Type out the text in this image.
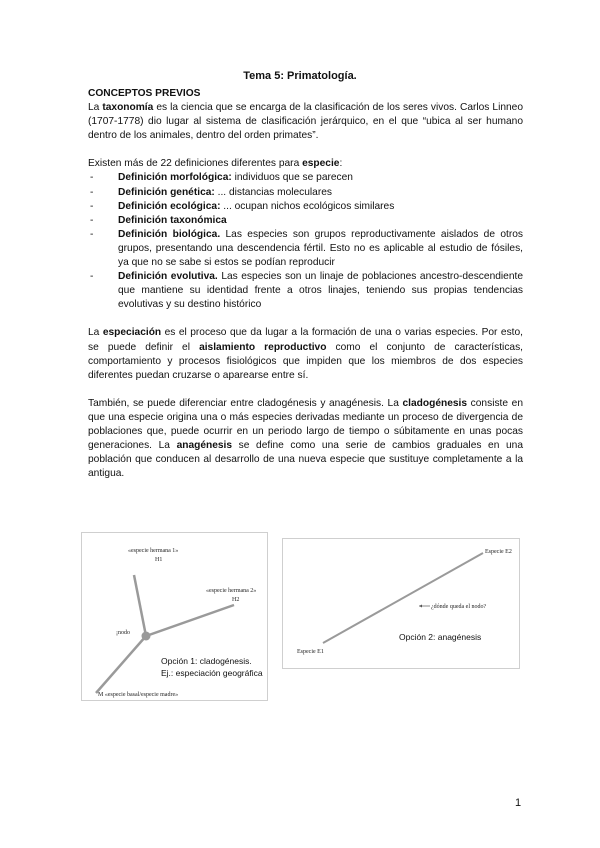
Tema 5: Primatología.
CONCEPTOS PREVIOS

La taxonomía es la ciencia que se encarga de la clasificación de los seres vivos. Carlos Linneo (1707-1778) dio lugar al sistema de clasificación jerárquico, en el que “ubica al ser humano dentro de los animales, dentro del orden primates”.

Existen más de 22 definiciones diferentes para especie:

- Definición morfológica: individuos que se parecen
- Definición genética: ... distancias moleculares
- Definición ecológica: ... ocupan nichos ecológicos similares
- Definición taxonómica
- Definición biológica. Las especies son grupos reproductivamente aislados de otros grupos, presentando una descendencia fértil. Esto no es aplicable al estudio de fósiles, ya que no se sabe si estos se podían reproducir
- Definición evolutiva. Las especies son un linaje de poblaciones ancestro-descendiente que mantiene su identidad frente a otros linajes, teniendo sus propias tendencias evolutivas y su destino histórico

La especiación es el proceso que da lugar a la formación de una o varias especies. Por esto, se puede definir el aislamiento reproductivo como el conjunto de características, comportamiento y procesos fisiológicos que impiden que los miembros de dos especies diferentes puedan cruzarse o aparearse entre sí.

También, se puede diferenciar entre cladogénesis y anagénesis. La cladogénesis consiste en que una especie origina una o más especies derivadas mediante un proceso de divergencia de poblaciones que, puede ocurrir en un periodo largo de tiempo o súbitamente en unas pocas generaciones. La anagénesis se define como una serie de cambios graduales en una población que conducen al desarrollo de una nueva especie que sustituye completamente a la antigua.

«especie hermana 1»
H1
«especie hermana 2»
H2
¡nodo
M «especie basal/especie madre»
Opción 1: cladogénesis.
Ej.: especiación geográfica
Especie E2
Especie E1
¿dónde queda el nodo?
Opción 2: anagénesis
1
